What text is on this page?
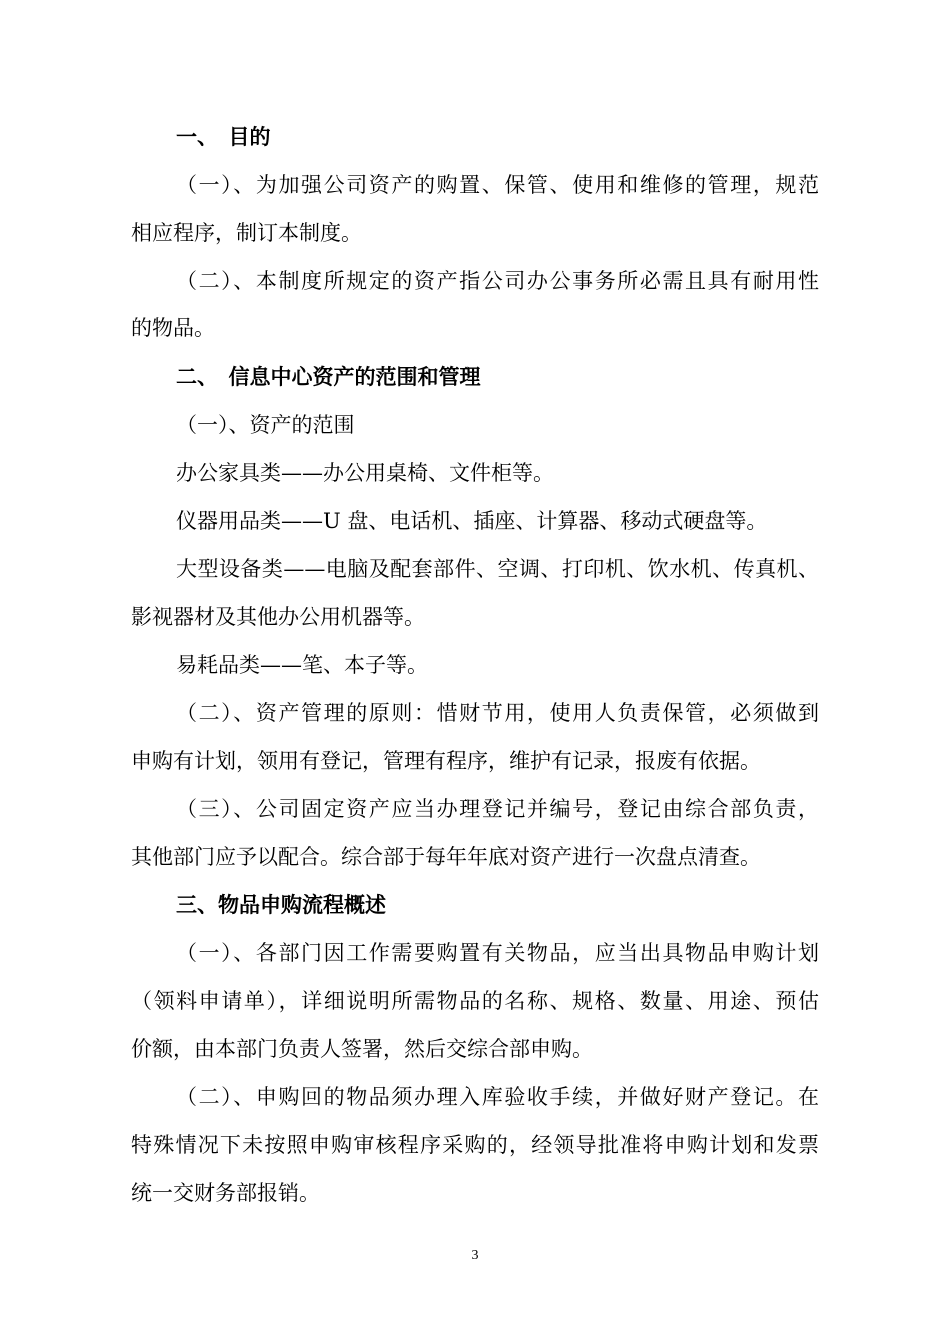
一、　目的
（一）、为加强公司资产的购置、保管、使用和维修的管理，规范
相应程序，制订本制度。
（二）、本制度所规定的资产指公司办公事务所必需且具有耐用性
的物品。
二、　信息中心资产的范围和管理
（一）、资产的范围
办公家具类——办公用桌椅、文件柜等。
仪器用品类——U 盘、电话机、插座、计算器、移动式硬盘等。
大型设备类——电脑及配套部件、空调、打印机、饮水机、传真机、
影视器材及其他办公用机器等。
易耗品类——笔、本子等。
（二）、资产管理的原则：惜财节用，使用人负责保管，必须做到
申购有计划，领用有登记，管理有程序，维护有记录，报废有依据。
（三）、公司固定资产应当办理登记并编号，登记由综合部负责，
其他部门应予以配合。综合部于每年年底对资产进行一次盘点清查。
三、物品申购流程概述
（一）、各部门因工作需要购置有关物品，应当出具物品申购计划
（领料申请单），详细说明所需物品的名称、规格、数量、用途、预估
价额，由本部门负责人签署，然后交综合部申购。
（二）、申购回的物品须办理入库验收手续，并做好财产登记。在
特殊情况下未按照申购审核程序采购的，经领导批准将申购计划和发票
统一交财务部报销。
3
